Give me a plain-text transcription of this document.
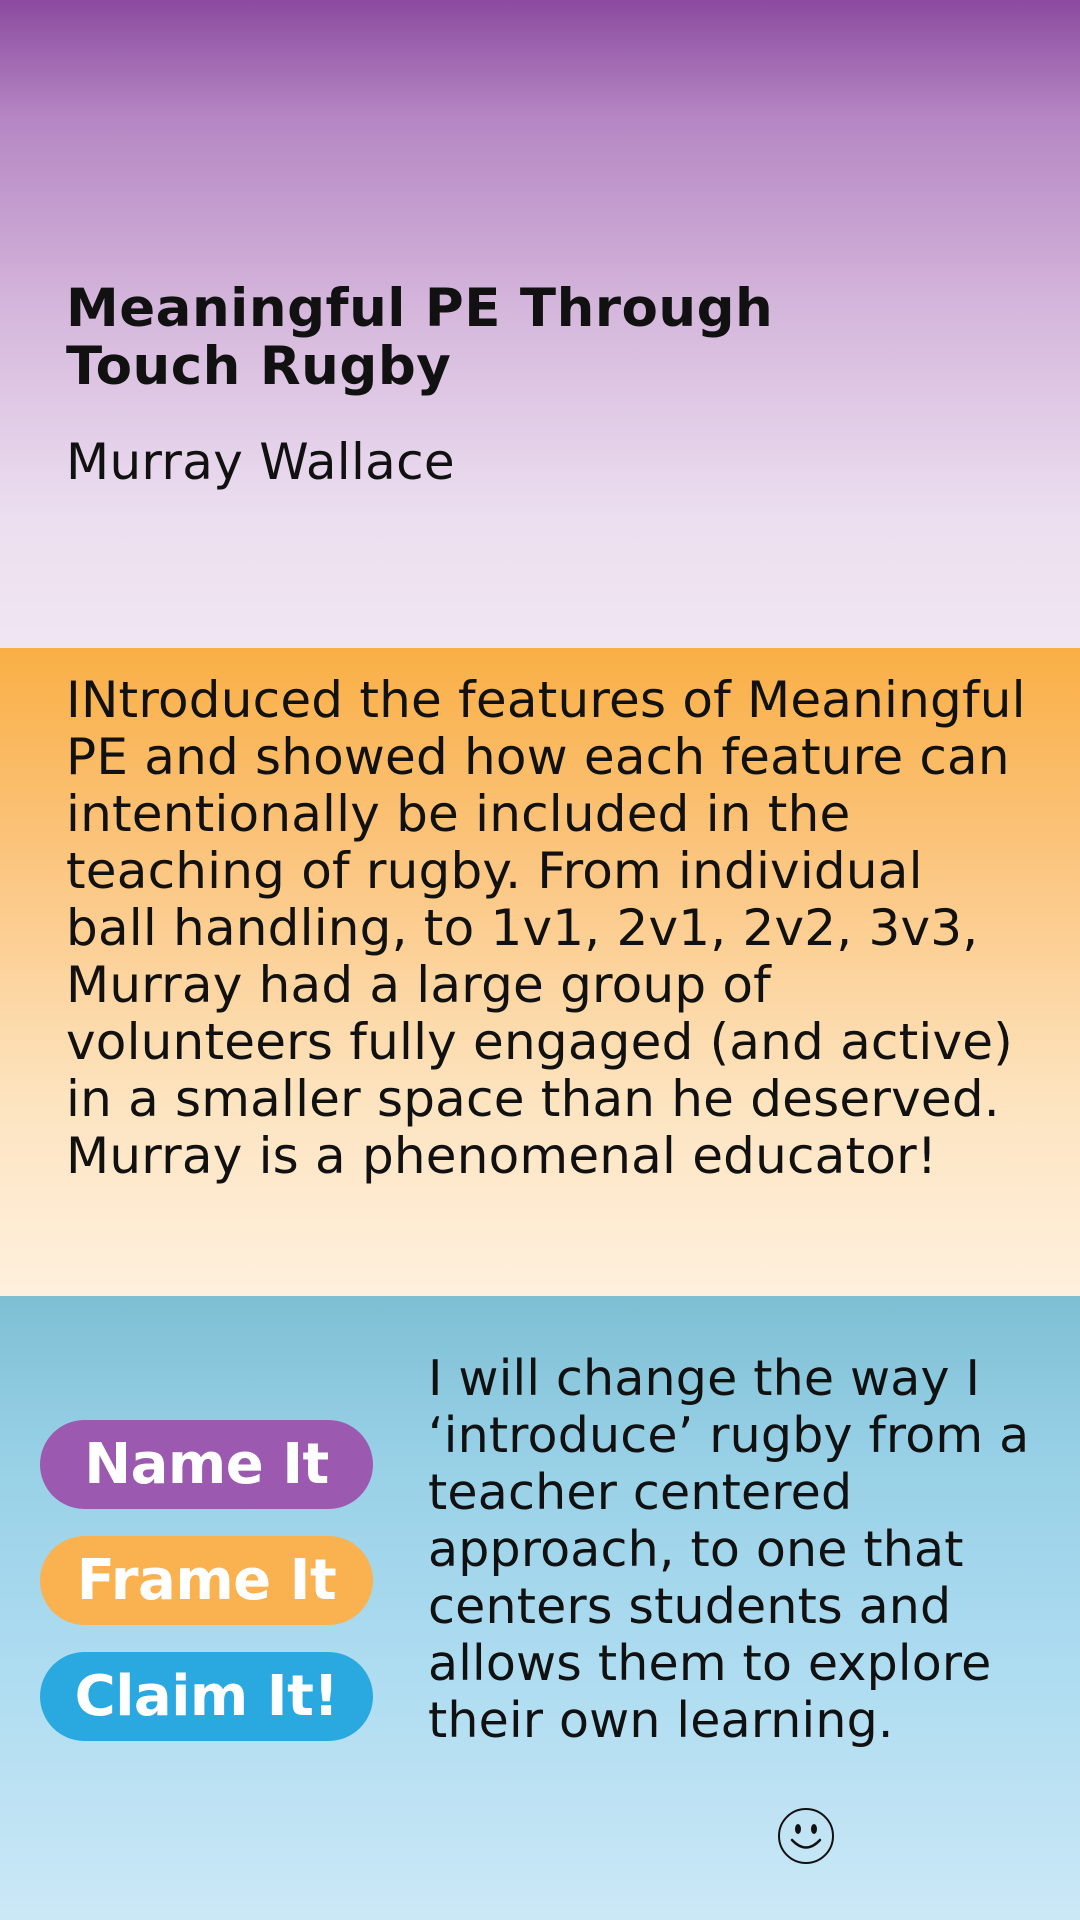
Meaningful PE Through Touch Rugby

Murray Wallace

INtroduced the features of Meaningful PE and showed how each feature can intentionally be included in the teaching of rugby. From individual ball handling, to 1v1, 2v1, 2v2, 3v3, Murray had a large group of volunteers fully engaged (and active) in a smaller space than he deserved. Murray is a phenomenal educator!

Name It
Frame It
Claim It!

I will change the way I ‘introduce’ rugby from a teacher centered approach, to one that centers students and allows them to explore their own learning.
